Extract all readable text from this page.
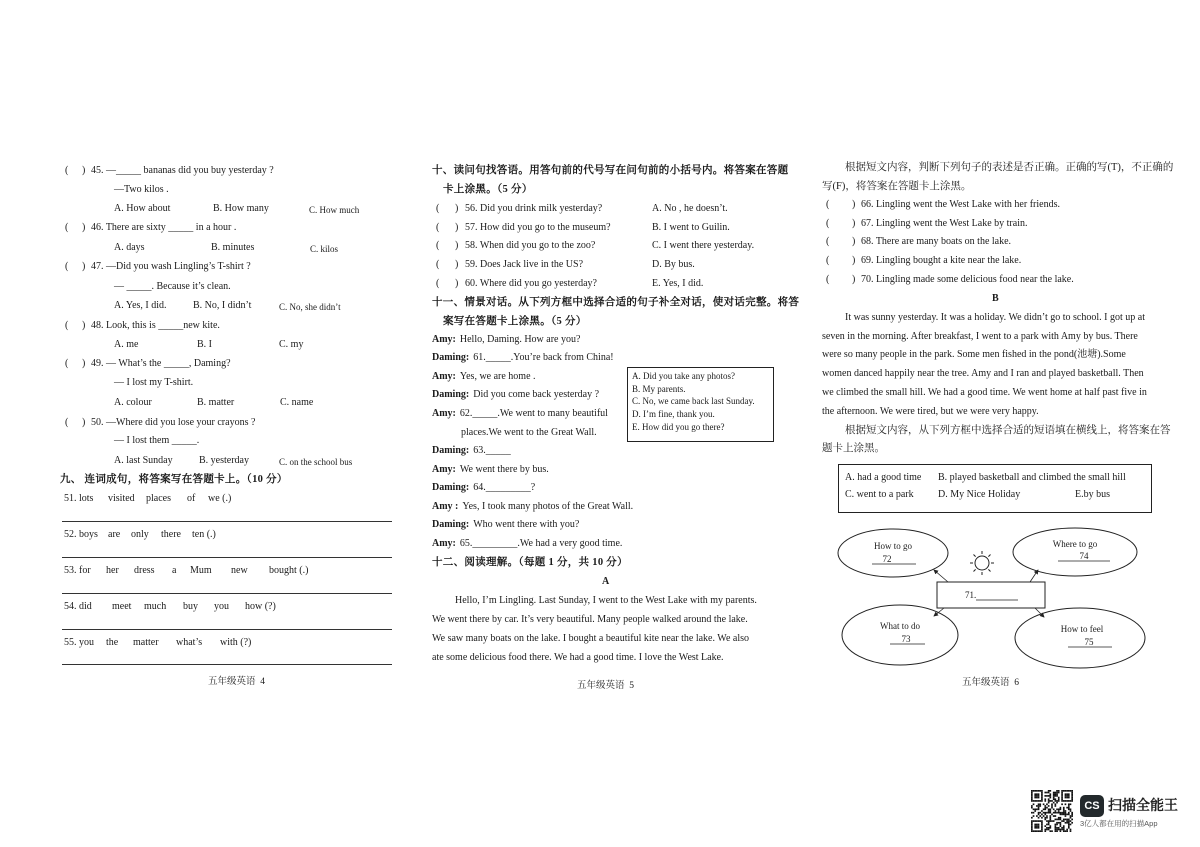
( ) 45. —_____ bananas did you buy yesterday ?
—Two kilos .
A. How about	B. How many	C. How much
( ) 46. There are sixty _____ in a hour .
A. days	B. minutes	C. kilos
( ) 47. —Did you wash Lingling’s T-shirt ?
— _____. Because it’s clean.
A. Yes, I did.	B. No, I didn’t	C. No, she didn’t
( ) 48. Look, this is _____new kite.
A. me	B. I	C. my
( ) 49. — What’s the _____, Daming?
— I lost my T-shirt.
A. colour	B. matter	C. name
( ) 50. —Where did you lose your crayons ?
— I lost them _____.
A. last Sunday	B. yesterday	C. on the school bus
九、 连词成句，将答案写在答题卡上。（10 分）
51. lots visited places of we (.)
52. boys are only there ten (.)
53. for her dress a Mum new bought (.)
54. did meet much buy you how (?)
55. you the matter what’s with (?)
五年级英语  4
十、读问句找答语。用答句前的代号写在问句前的小括号内。将答案在答题
卡上涂黑。（5 分）
( ) 56. Did you drink milk yesterday?	A. No , he doesn’t.
( ) 57. How did you go to the museum?	B. I went to Guilin.
( ) 58. When did you go to the zoo?	C. I went there yesterday.
( ) 59. Does Jack live in the US?	D. By bus.
( ) 60. Where did you go yesterday?	E. Yes, I did.
十一、情景对话。从下列方框中选择合适的句子补全对话，使对话完整。将答
案写在答题卡上涂黑。（5 分）
Amy: Hello, Daming. How are you?
Daming: 61._____.You’re back from China!
Amy: Yes, we are home .
Daming: Did you come back yesterday ?
Amy: 62._____.We went to many beautiful
places.We went to the Great Wall.
Daming: 63._____
Amy: We went there by bus.
Daming: 64._________?
Amy : Yes, I took many photos of the Great Wall.
Daming: Who went there with you?
Amy: 65._________.We had a very good time.
A. Did you take any photos?
B. My parents.
C. No, we came back last Sunday.
D. I’m fine, thank you.
E. How did you go there?
十二、阅读理解。（每题 1 分，共 10 分）
A
Hello, I’m Lingling. Last Sunday, I went to the West Lake with my parents.
We went there by car. It’s very beautiful. Many people walked around the lake.
We saw many boats on the lake. I bought a beautiful kite near the lake. We also
ate some delicious food there. We had a good time. I love the West Lake.
五年级英语  5
根据短文内容，判断下列句子的表述是否正确。正确的写(T)，不正确的
写(F)，将答案在答题卡上涂黑。
( ) 66. Lingling went the West Lake with her friends.
( ) 67. Lingling went the West Lake by train.
( ) 68. There are many boats on the lake.
( ) 69. Lingling bought a kite near the lake.
( ) 70. Lingling made some delicious food near the lake.
B
It was sunny yesterday. It was a holiday. We didn’t go to school. I got up at
seven in the morning. After breakfast, I went to a park with Amy by bus. There
were so many people in the park. Some men fished in the pond(池塘).Some
women danced happily near the tree. Amy and I ran and played basketball. Then
we climbed the small hill. We had a good time. We went home at half past five in
the afternoon. We were tired, but we were very happy.
根据短文内容，从下列方框中选择合适的短语填在横线上，将答案在答
题卡上涂黑。
A. had a good time B. played basketball and climbed the small hill
C. went to a park D. My Nice Holiday	E.by bus
How to go
72
Where to go
74
71.
What to do
73
How to feel
75
五年级英语  6
CS 扫描全能王
3亿人都在用的扫描App
